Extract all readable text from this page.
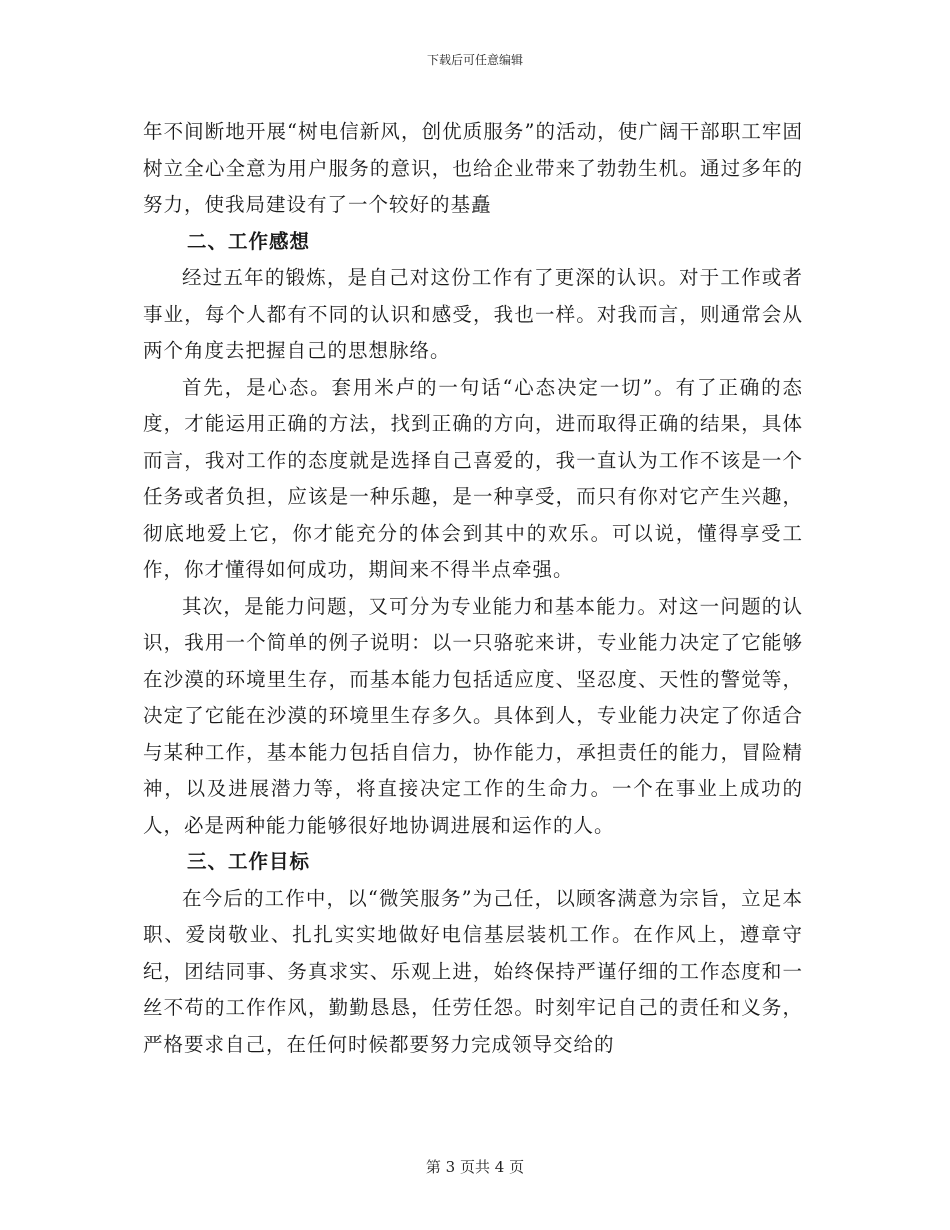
下载后可任意编辑

年不间断地开展“树电信新风，创优质服务”的活动，使广阔干部职工牢固树立全心全意为用户服务的意识，也给企业带来了勃勃生机。通过多年的努力，使我局建设有了一个较好的基矗

二、工作感想

经过五年的锻炼，是自己对这份工作有了更深的认识。对于工作或者事业，每个人都有不同的认识和感受，我也一样。对我而言，则通常会从两个角度去把握自己的思想脉络。

首先，是心态。套用米卢的一句话“心态决定一切”。有了正确的态度，才能运用正确的方法，找到正确的方向，进而取得正确的结果，具体而言，我对工作的态度就是选择自己喜爱的，我一直认为工作不该是一个任务或者负担，应该是一种乐趣，是一种享受，而只有你对它产生兴趣，彻底地爱上它，你才能充分的体会到其中的欢乐。可以说，懂得享受工作，你才懂得如何成功，期间来不得半点牵强。

其次，是能力问题，又可分为专业能力和基本能力。对这一问题的认识，我用一个简单的例子说明：以一只骆驼来讲，专业能力决定了它能够在沙漠的环境里生存，而基本能力包括适应度、坚忍度、天性的警觉等，决定了它能在沙漠的环境里生存多久。具体到人，专业能力决定了你适合与某种工作，基本能力包括自信力，协作能力，承担责任的能力，冒险精神，以及进展潜力等，将直接决定工作的生命力。一个在事业上成功的人，必是两种能力能够很好地协调进展和运作的人。

三、工作目标

在今后的工作中，以“微笑服务”为己任，以顾客满意为宗旨，立足本职、爱岗敬业、扎扎实实地做好电信基层装机工作。在作风上，遵章守纪，团结同事、务真求实、乐观上进，始终保持严谨仔细的工作态度和一丝不苟的工作作风，勤勤恳恳，任劳任怨。时刻牢记自己的责任和义务，严格要求自己，在任何时候都要努力完成领导交给的

第 3 页共 4 页
